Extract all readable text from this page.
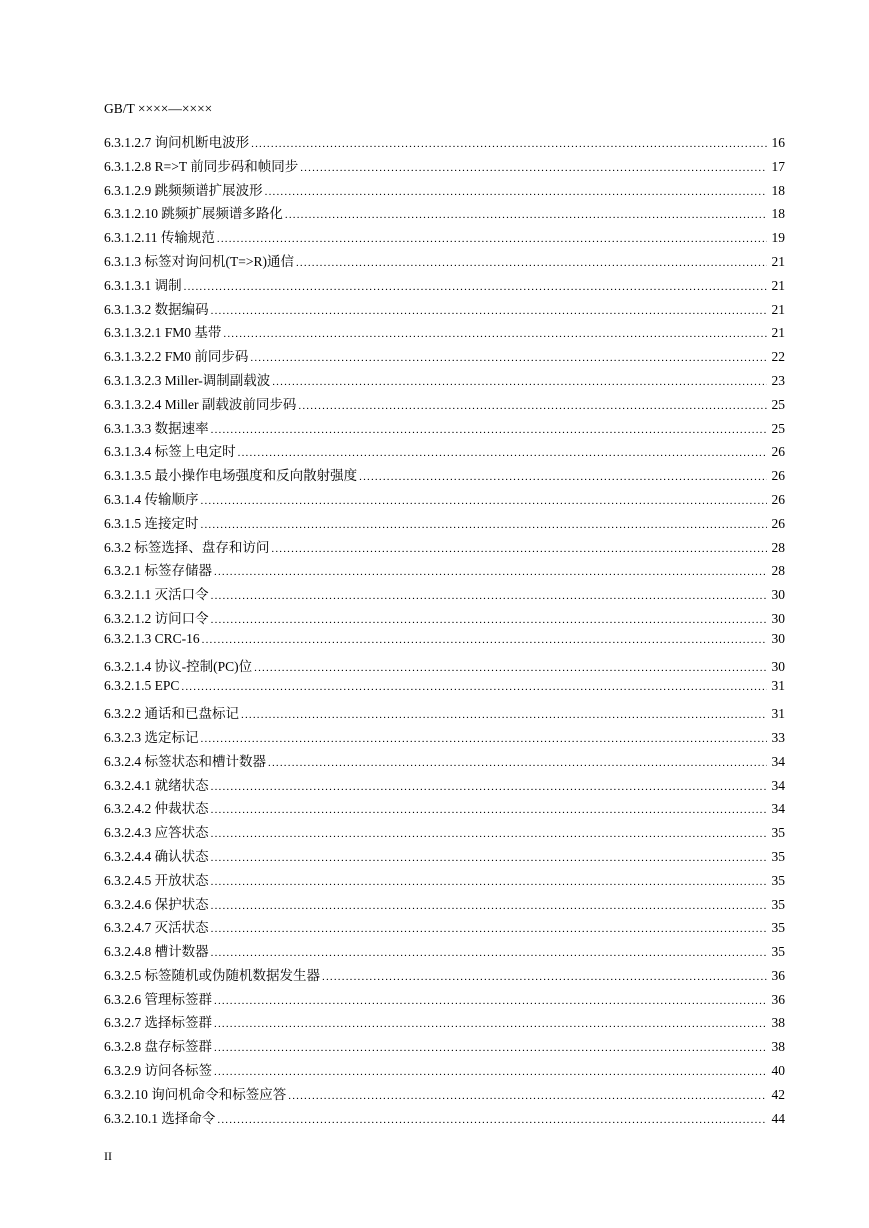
GB/T ××××—××××
6.3.1.2.7 询问机断电波形 .....	16
6.3.1.2.8 R=>T 前同步码和帧同步 .....	17
6.3.1.2.9 跳频频谱扩展波形 .....	18
6.3.1.2.10 跳频扩展频谱多路化 .....	18
6.3.1.2.11 传输规范 .....	19
6.3.1.3 标签对询问机(T=>R)通信 .....	21
6.3.1.3.1 调制 .....	21
6.3.1.3.2 数据编码 .....	21
6.3.1.3.2.1 FM0 基带 .....	21
6.3.1.3.2.2 FM0 前同步码 .....	22
6.3.1.3.2.3 Miller-调制副载波 .....	23
6.3.1.3.2.4 Miller 副载波前同步码 .....	25
6.3.1.3.3 数据速率 .....	25
6.3.1.3.4 标签上电定时 .....	26
6.3.1.3.5 最小操作电场强度和反向散射强度 .....	26
6.3.1.4 传输顺序 .....	26
6.3.1.5 连接定时 .....	26
6.3.2 标签选择、盘存和访问 .....	28
6.3.2.1 标签存储器 .....	28
6.3.2.1.1 灭活口令 .....	30
6.3.2.1.2 访问口令 .....	30
6.3.2.1.3 CRC-16 .....	30
6.3.2.1.4 协议-控制(PC)位 .....	30
6.3.2.1.5 EPC .....	31
6.3.2.2 通话和已盘标记 .....	31
6.3.2.3 选定标记 .....	33
6.3.2.4 标签状态和槽计数器 .....	34
6.3.2.4.1 就绪状态 .....	34
6.3.2.4.2 仲裁状态 .....	34
6.3.2.4.3 应答状态 .....	35
6.3.2.4.4 确认状态 .....	35
6.3.2.4.5 开放状态 .....	35
6.3.2.4.6 保护状态 .....	35
6.3.2.4.7 灭活状态 .....	35
6.3.2.4.8 槽计数器 .....	35
6.3.2.5 标签随机或伪随机数据发生器 .....	36
6.3.2.6 管理标签群 .....	36
6.3.2.7 选择标签群 .....	38
6.3.2.8 盘存标签群 .....	38
6.3.2.9 访问各标签 .....	40
6.3.2.10 询问机命令和标签应答 .....	42
6.3.2.10.1 选择命令 .....	44
II
